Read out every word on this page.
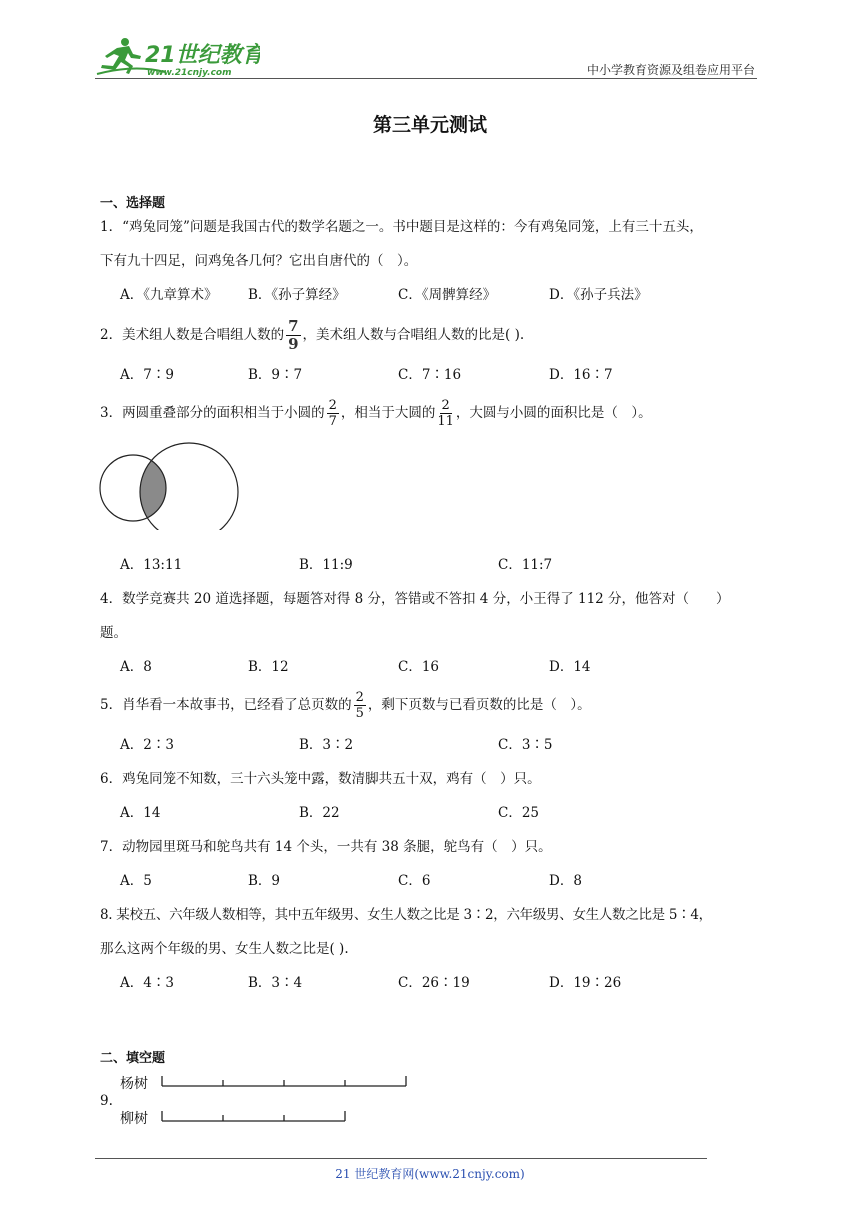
21世纪教育
www.21cnjy.com	中小学教育资源及组卷应用平台
第三单元测试
一、选择题
1．“鸡兔同笼”问题是我国古代的数学名题之一。书中题目是这样的：今有鸡兔同笼，上有三十五头，
下有九十四足，问鸡兔各几何？它出自唐代的（　）。
A．《九章算术》 B．《孙子算经》	C．《周髀算经》	D．《孙子兵法》
2．美术组人数是合唱组人数的 $\frac{7}{9}$ ，美术组人数与合唱组人数的比是( ).
A．7∶9	B．9∶7	C．7∶16	D．16∶7
3．两圆重叠部分的面积相当于小圆的 $\frac{2}{7}$ ，相当于大圆的 $\frac{2}{11}$ ，大圆与小圆的面积比是（　）。
A．13:11	B．11:9	C．11:7
4．数学竞赛共 20 道选择题，每题答对得 8 分，答错或不答扣 4 分，小王得了 112 分，他答对（　　）
题。
A．8	B．12	C．16	D．14
5．肖华看一本故事书，已经看了总页数的 $\frac{2}{5}$ ，剩下页数与已看页数的比是（　）。
A．2∶3	B．3∶2	C．3∶5
6．鸡兔同笼不知数，三十六头笼中露，数清脚共五十双，鸡有（　）只。
A．14	B．22	C．25
7．动物园里斑马和鸵鸟共有 14 个头，一共有 38 条腿，鸵鸟有（　）只。
A．5	B．9	C．6	D．8
8. 某校五、六年级人数相等，其中五年级男、女生人数之比是 3∶2，六年级男、女生人数之比是 5∶4，
那么这两个年级的男、女生人数之比是( ).
A．4∶3	B．3∶4	C．26∶19	D．19∶26
二、填空题
9.
杨树
柳树
21 世纪教育网(www.21cnjy.com)
